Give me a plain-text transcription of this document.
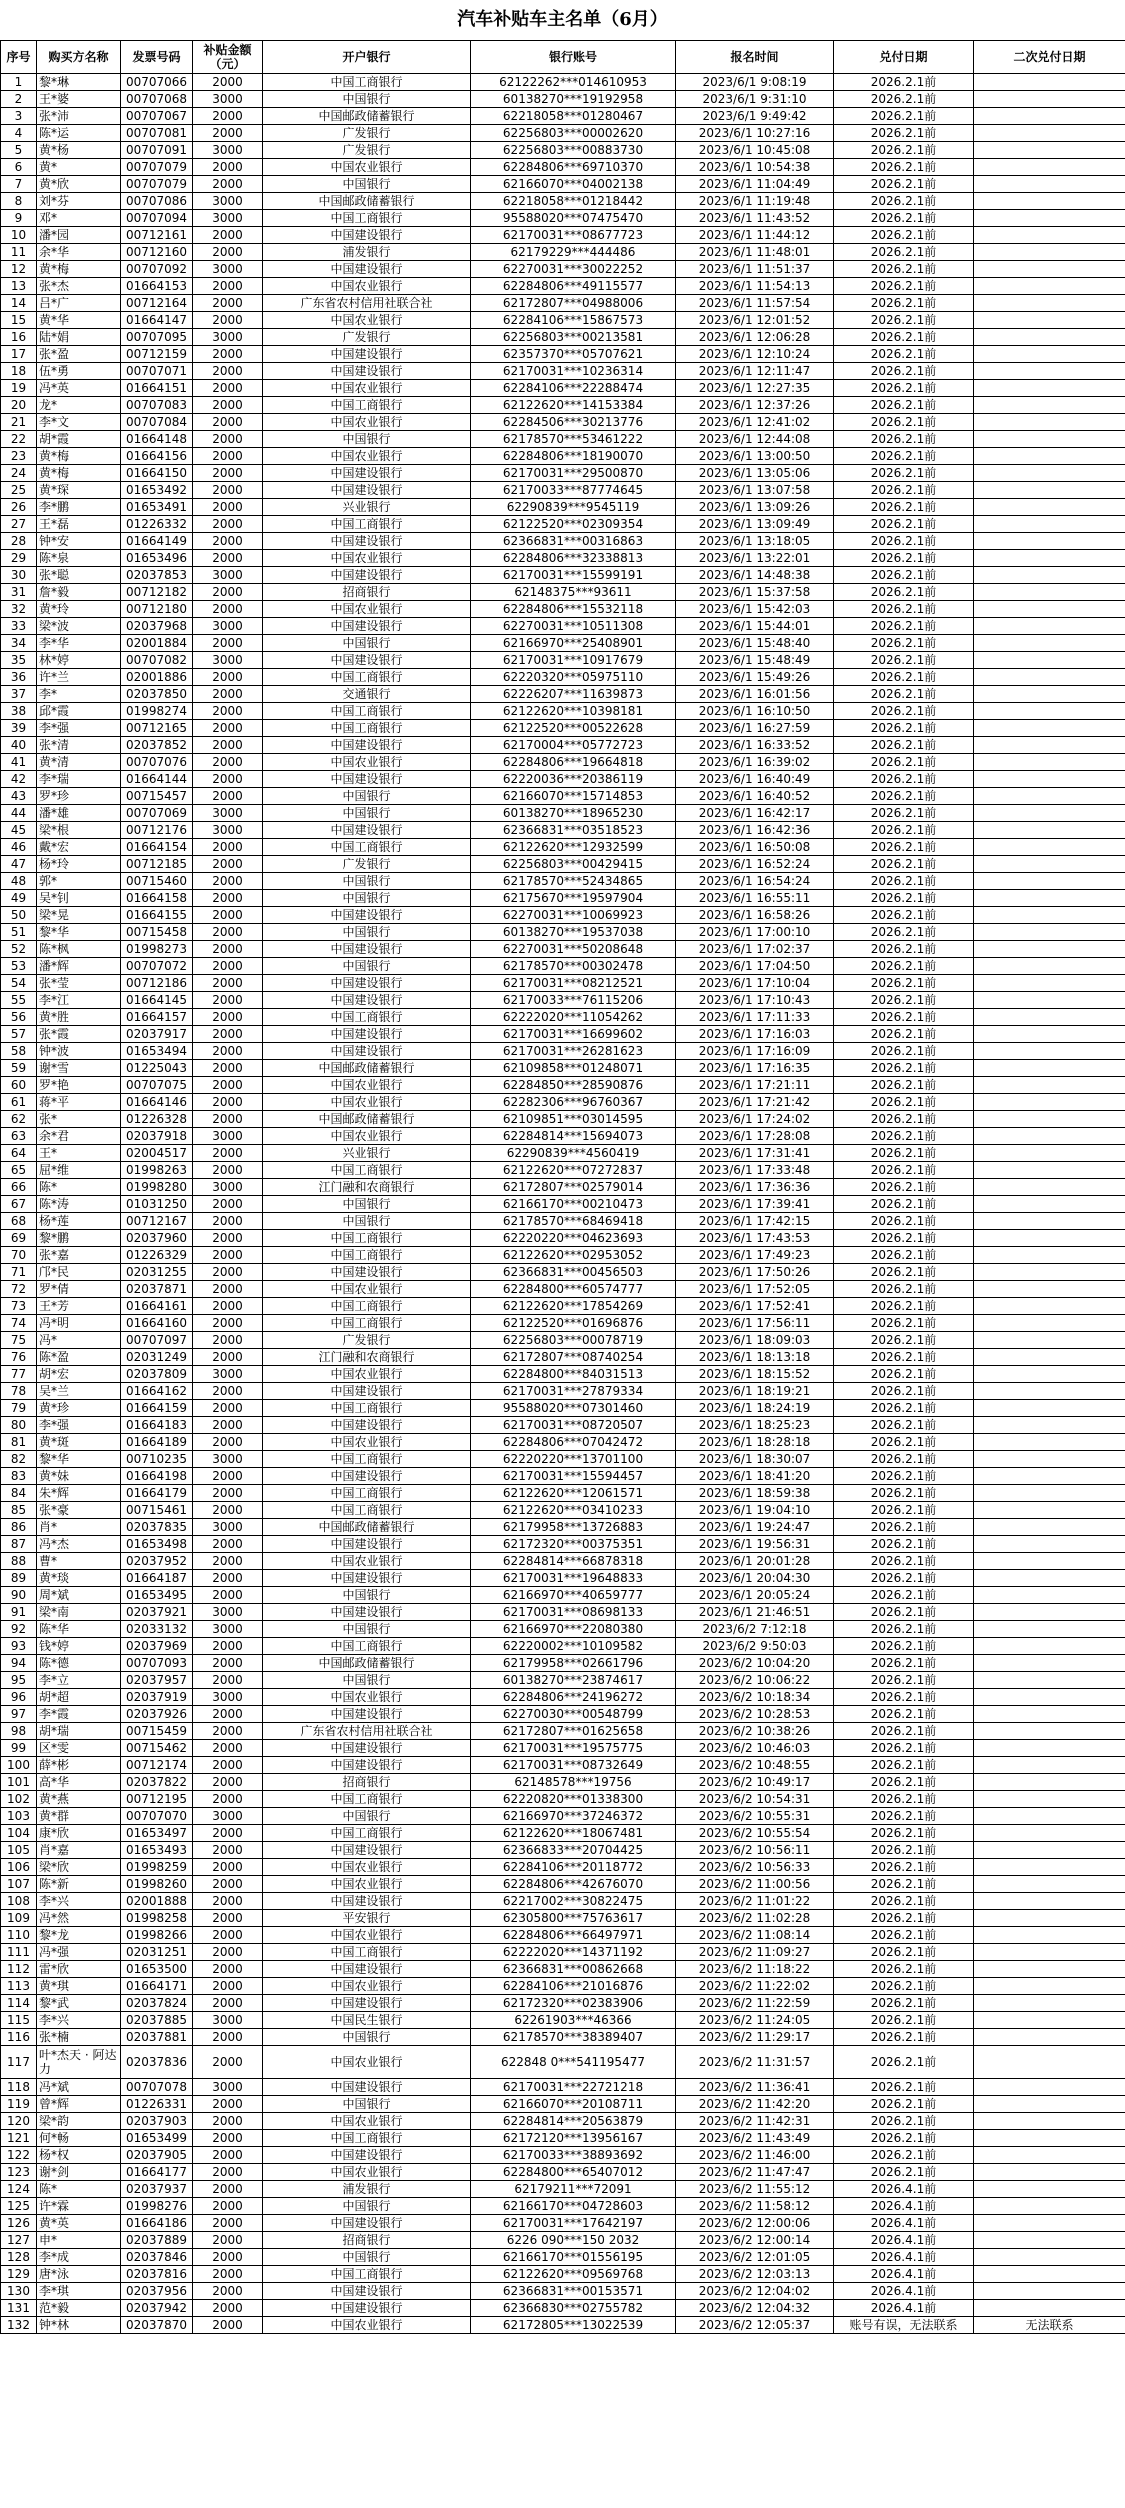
汽车补贴车主名单（6月）
序号	购买方名称	发票号码	补贴金额（元）	开户银行	银行账号	报名时间	兑付日期	二次兑付日期
1	黎*琳	00707066	2000	中国工商银行	62122262***014610953	2023/6/1 9:08:19	2026.2.1前	
2	王*婆	00707068	3000	中国银行	60138270***19192958	2023/6/1 9:31:10	2026.2.1前	
3	张*沛	00707067	2000	中国邮政储蓄银行	62218058***01280467	2023/6/1 9:49:42	2026.2.1前	
4	陈*运	00707081	2000	广发银行	62256803***00002620	2023/6/1 10:27:16	2026.2.1前	
5	黄*杨	00707091	3000	广发银行	62256803***00883730	2023/6/1 10:45:08	2026.2.1前	
6	黄*	00707079	2000	中国农业银行	62284806***69710370	2023/6/1 10:54:38	2026.2.1前	
7	黄*欣	00707079	2000	中国银行	62166070***04002138	2023/6/1 11:04:49	2026.2.1前	
8	刘*芬	00707086	3000	中国邮政储蓄银行	62218058***01218442	2023/6/1 11:19:48	2026.2.1前	
9	邓*	00707094	3000	中国工商银行	95588020***07475470	2023/6/1 11:43:52	2026.2.1前	
10	潘*园	00712161	2000	中国建设银行	62170031***08677723	2023/6/1 11:44:12	2026.2.1前	
11	余*华	00712160	2000	浦发银行	62179229***444486	2023/6/1 11:48:01	2026.2.1前	
12	黄*梅	00707092	3000	中国建设银行	62270031***30022252	2023/6/1 11:51:37	2026.2.1前	
13	张*杰	01664153	2000	中国农业银行	62284806***49115577	2023/6/1 11:54:13	2026.2.1前	
14	吕*广	00712164	2000	广东省农村信用社联合社	62172807***04988006	2023/6/1 11:57:54	2026.2.1前	
15	黄*华	01664147	2000	中国农业银行	62284106***15867573	2023/6/1 12:01:52	2026.2.1前	
16	陆*娟	00707095	3000	广发银行	62256803***00213581	2023/6/1 12:06:28	2026.2.1前	
17	张*盈	00712159	2000	中国建设银行	62357370***05707621	2023/6/1 12:10:24	2026.2.1前	
18	伍*勇	00707071	2000	中国建设银行	62170031***10236314	2023/6/1 12:11:47	2026.2.1前	
19	冯*英	01664151	2000	中国农业银行	62284106***22288474	2023/6/1 12:27:35	2026.2.1前	
20	龙*	00707083	2000	中国工商银行	62122620***14153384	2023/6/1 12:37:26	2026.2.1前	
21	李*文	00707084	2000	中国农业银行	62284506***30213776	2023/6/1 12:41:02	2026.2.1前	
22	胡*霞	01664148	2000	中国银行	62178570***53461222	2023/6/1 12:44:08	2026.2.1前	
23	黄*梅	01664156	2000	中国农业银行	62284806***18190070	2023/6/1 13:00:50	2026.2.1前	
24	黄*梅	01664150	2000	中国建设银行	62170031***29500870	2023/6/1 13:05:06	2026.2.1前	
25	黄*琛	01653492	2000	中国建设银行	62170033***87774645	2023/6/1 13:07:58	2026.2.1前	
26	李*鹏	01653491	2000	兴业银行	62290839***9545119	2023/6/1 13:09:26	2026.2.1前	
27	王*磊	01226332	2000	中国工商银行	62122520***02309354	2023/6/1 13:09:49	2026.2.1前	
28	钟*安	01664149	2000	中国建设银行	62366831***00316863	2023/6/1 13:18:05	2026.2.1前	
29	陈*泉	01653496	2000	中国农业银行	62284806***32338813	2023/6/1 13:22:01	2026.2.1前	
30	张*聪	02037853	3000	中国建设银行	62170031***15599191	2023/6/1 14:48:38	2026.2.1前	
31	詹*毅	00712182	2000	招商银行	62148375***93611	2023/6/1 15:37:58	2026.2.1前	
32	黄*玲	00712180	2000	中国农业银行	62284806***15532118	2023/6/1 15:42:03	2026.2.1前	
33	梁*波	02037968	3000	中国建设银行	62270031***10511308	2023/6/1 15:44:01	2026.2.1前	
34	李*华	02001884	2000	中国银行	62166970***25408901	2023/6/1 15:48:40	2026.2.1前	
35	林*婷	00707082	3000	中国建设银行	62170031***10917679	2023/6/1 15:48:49	2026.2.1前	
36	许*兰	02001886	2000	中国工商银行	62220320***05975110	2023/6/1 15:49:26	2026.2.1前	
37	李*	02037850	2000	交通银行	62226207***11639873	2023/6/1 16:01:56	2026.2.1前	
38	邱*霞	01998274	2000	中国工商银行	62122620***10398181	2023/6/1 16:10:50	2026.2.1前	
39	李*强	00712165	2000	中国工商银行	62122520***00522628	2023/6/1 16:27:59	2026.2.1前	
40	张*清	02037852	2000	中国建设银行	62170004***05772723	2023/6/1 16:33:52	2026.2.1前	
41	黄*清	00707076	2000	中国农业银行	62284806***19664818	2023/6/1 16:39:02	2026.2.1前	
42	李*瑞	01664144	2000	中国建设银行	62220036***20386119	2023/6/1 16:40:49	2026.2.1前	
43	罗*珍	00715457	2000	中国银行	62166070***15714853	2023/6/1 16:40:52	2026.2.1前	
44	潘*雄	00707069	3000	中国银行	60138270***18965230	2023/6/1 16:42:17	2026.2.1前	
45	梁*根	00712176	3000	中国建设银行	62366831***03518523	2023/6/1 16:42:36	2026.2.1前	
46	戴*宏	01664154	2000	中国工商银行	62122620***12932599	2023/6/1 16:50:08	2026.2.1前	
47	杨*玲	00712185	2000	广发银行	62256803***00429415	2023/6/1 16:52:24	2026.2.1前	
48	郭*	00715460	2000	中国银行	62178570***52434865	2023/6/1 16:54:24	2026.2.1前	
49	吴*钊	01664158	2000	中国银行	62175670***19597904	2023/6/1 16:55:11	2026.2.1前	
50	梁*晃	01664155	2000	中国建设银行	62270031***10069923	2023/6/1 16:58:26	2026.2.1前	
51	黎*华	00715458	2000	中国银行	60138270***19537038	2023/6/1 17:00:10	2026.2.1前	
52	陈*枫	01998273	2000	中国建设银行	62270031***50208648	2023/6/1 17:02:37	2026.2.1前	
53	潘*辉	00707072	2000	中国银行	62178570***00302478	2023/6/1 17:04:50	2026.2.1前	
54	张*莹	00712186	2000	中国建设银行	62170031***08212521	2023/6/1 17:10:04	2026.2.1前	
55	李*江	01664145	2000	中国建设银行	62170033***76115206	2023/6/1 17:10:43	2026.2.1前	
56	黄*胜	01664157	2000	中国工商银行	62222020***11054262	2023/6/1 17:11:33	2026.2.1前	
57	张*霞	02037917	2000	中国建设银行	62170031***16699602	2023/6/1 17:16:03	2026.2.1前	
58	钟*波	01653494	2000	中国建设银行	62170031***26281623	2023/6/1 17:16:09	2026.2.1前	
59	谢*雪	01225043	2000	中国邮政储蓄银行	62109858***01248071	2023/6/1 17:16:35	2026.2.1前	
60	罗*艳	00707075	2000	中国农业银行	62284850***28590876	2023/6/1 17:21:11	2026.2.1前	
61	蒋*平	01664146	2000	中国农业银行	62282306***96760367	2023/6/1 17:21:42	2026.2.1前	
62	张*	01226328	2000	中国邮政储蓄银行	62109851***03014595	2023/6/1 17:24:02	2026.2.1前	
63	余*君	02037918	3000	中国农业银行	62284814***15694073	2023/6/1 17:28:08	2026.2.1前	
64	王*	02004517	2000	兴业银行	62290839***4560419	2023/6/1 17:31:41	2026.2.1前	
65	屈*维	01998263	2000	中国工商银行	62122620***07272837	2023/6/1 17:33:48	2026.2.1前	
66	陈*	01998280	3000	江门融和农商银行	62172807***02579014	2023/6/1 17:36:36	2026.2.1前	
67	陈*涛	01031250	2000	中国银行	62166170***00210473	2023/6/1 17:39:41	2026.2.1前	
68	杨*莲	00712167	2000	中国银行	62178570***68469418	2023/6/1 17:42:15	2026.2.1前	
69	黎*鹏	02037960	2000	中国工商银行	62220220***04623693	2023/6/1 17:43:53	2026.2.1前	
70	张*嘉	01226329	2000	中国工商银行	62122620***02953052	2023/6/1 17:49:23	2026.2.1前	
71	邝*民	02031255	2000	中国建设银行	62366831***00456503	2023/6/1 17:50:26	2026.2.1前	
72	罗*倩	02037871	2000	中国农业银行	62284800***60574777	2023/6/1 17:52:05	2026.2.1前	
73	王*芳	01664161	2000	中国工商银行	62122620***17854269	2023/6/1 17:52:41	2026.2.1前	
74	冯*明	01664160	2000	中国工商银行	62122520***01696876	2023/6/1 17:56:11	2026.2.1前	
75	冯*	00707097	2000	广发银行	62256803***00078719	2023/6/1 18:09:03	2026.2.1前	
76	陈*盈	02031249	2000	江门融和农商银行	62172807***08740254	2023/6/1 18:13:18	2026.2.1前	
77	胡*宏	02037809	3000	中国农业银行	62284800***84031513	2023/6/1 18:15:52	2026.2.1前	
78	吴*兰	01664162	2000	中国建设银行	62170031***27879334	2023/6/1 18:19:21	2026.2.1前	
79	黄*珍	01664159	2000	中国工商银行	95588020***07301460	2023/6/1 18:24:19	2026.2.1前	
80	李*强	01664183	2000	中国建设银行	62170031***08720507	2023/6/1 18:25:23	2026.2.1前	
81	黄*斑	01664189	2000	中国农业银行	62284806***07042472	2023/6/1 18:28:18	2026.2.1前	
82	黎*华	00710235	3000	中国工商银行	62220220***13701100	2023/6/1 18:30:07	2026.2.1前	
83	黄*妹	01664198	2000	中国建设银行	62170031***15594457	2023/6/1 18:41:20	2026.2.1前	
84	朱*辉	01664179	2000	中国工商银行	62122620***12061571	2023/6/1 18:59:38	2026.2.1前	
85	张*豪	00715461	2000	中国工商银行	62122620***03410233	2023/6/1 19:04:10	2026.2.1前	
86	肖*	02037835	3000	中国邮政储蓄银行	62179958***13726883	2023/6/1 19:24:47	2026.2.1前	
87	冯*杰	01653498	2000	中国建设银行	62172320***00375351	2023/6/1 19:56:31	2026.2.1前	
88	曹*	02037952	2000	中国农业银行	62284814***66878318	2023/6/1 20:01:28	2026.2.1前	
89	黄*琰	01664187	2000	中国建设银行	62170031***19648833	2023/6/1 20:04:30	2026.2.1前	
90	周*斌	01653495	2000	中国银行	62166970***40659777	2023/6/1 20:05:24	2026.2.1前	
91	梁*南	02037921	3000	中国建设银行	62170031***08698133	2023/6/1 21:46:51	2026.2.1前	
92	陈*华	02033132	3000	中国银行	62166970***22080380	2023/6/2 7:12:18	2026.2.1前	
93	钱*婷	02037969	2000	中国工商银行	62220002***10109582	2023/6/2 9:50:03	2026.2.1前	
94	陈*德	00707093	2000	中国邮政储蓄银行	62179958***02661796	2023/6/2 10:04:20	2026.2.1前	
95	李*立	02037957	2000	中国银行	60138270***23874617	2023/6/2 10:06:22	2026.2.1前	
96	胡*超	02037919	3000	中国农业银行	62284806***24196272	2023/6/2 10:18:34	2026.2.1前	
97	李*霞	02037926	2000	中国建设银行	62270030***00548799	2023/6/2 10:28:53	2026.2.1前	
98	胡*瑞	00715459	2000	广东省农村信用社联合社	62172807***01625658	2023/6/2 10:38:26	2026.2.1前	
99	区*雯	00715462	2000	中国建设银行	62170031***19575775	2023/6/2 10:46:03	2026.2.1前	
100	薛*彬	00712174	2000	中国建设银行	62170031***08732649	2023/6/2 10:48:55	2026.2.1前	
101	高*华	02037822	2000	招商银行	62148578***19756	2023/6/2 10:49:17	2026.2.1前	
102	黄*燕	00712195	2000	中国工商银行	62220820***01338300	2023/6/2 10:54:31	2026.2.1前	
103	黄*群	00707070	3000	中国银行	62166970***37246372	2023/6/2 10:55:31	2026.2.1前	
104	康*欣	01653497	2000	中国工商银行	62122620***18067481	2023/6/2 10:55:54	2026.2.1前	
105	肖*嘉	01653493	2000	中国建设银行	62366833***20704425	2023/6/2 10:56:11	2026.2.1前	
106	梁*欣	01998259	2000	中国农业银行	62284106***20118772	2023/6/2 10:56:33	2026.2.1前	
107	陈*新	01998260	2000	中国农业银行	62284806***42676070	2023/6/2 11:00:56	2026.2.1前	
108	李*兴	02001888	2000	中国建设银行	62217002***30822475	2023/6/2 11:01:22	2026.2.1前	
109	冯*然	01998258	2000	平安银行	62305800***75763617	2023/6/2 11:02:28	2026.2.1前	
110	黎*龙	01998266	2000	中国农业银行	62284806***66497971	2023/6/2 11:08:14	2026.2.1前	
111	冯*强	02031251	2000	中国工商银行	62222020***14371192	2023/6/2 11:09:27	2026.2.1前	
112	雷*欣	01653500	2000	中国建设银行	62366831***00862668	2023/6/2 11:18:22	2026.2.1前	
113	黄*琪	01664171	2000	中国农业银行	62284106***21016876	2023/6/2 11:22:02	2026.2.1前	
114	黎*武	02037824	2000	中国建设银行	62172320***02383906	2023/6/2 11:22:59	2026.2.1前	
115	李*兴	02037885	3000	中国民生银行	62261903***46366	2023/6/2 11:24:05	2026.2.1前	
116	张*楠	02037881	2000	中国银行	62178570***38389407	2023/6/2 11:29:17	2026.2.1前	
117	叶*杰天 · 阿达力	02037836	2000	中国农业银行	622848 0***541195477	2023/6/2 11:31:57	2026.2.1前	
118	冯*斌	00707078	3000	中国建设银行	62170031***22721218	2023/6/2 11:36:41	2026.2.1前	
119	曾*辉	01226331	2000	中国银行	62166070***20108711	2023/6/2 11:42:20	2026.2.1前	
120	梁*韵	02037903	2000	中国农业银行	62284814***20563879	2023/6/2 11:42:31	2026.2.1前	
121	何*畅	01653499	2000	中国工商银行	62172120***13956167	2023/6/2 11:43:49	2026.2.1前	
122	杨*权	02037905	2000	中国建设银行	62170033***38893692	2023/6/2 11:46:00	2026.2.1前	
123	谢*剑	01664177	2000	中国农业银行	62284800***65407012	2023/6/2 11:47:47	2026.2.1前	
124	陈*	02037937	2000	浦发银行	62179211***72091	2023/6/2 11:55:12	2026.4.1前	
125	许*霖	01998276	2000	中国银行	62166170***04728603	2023/6/2 11:58:12	2026.4.1前	
126	黄*英	01664186	2000	中国建设银行	62170031***17642197	2023/6/2 12:00:06	2026.4.1前	
127	申*	02037889	2000	招商银行	6226 090***150 2032	2023/6/2 12:00:14	2026.4.1前	
128	李*成	02037846	2000	中国银行	62166170***01556195	2023/6/2 12:01:05	2026.4.1前	
129	唐*泳	02037816	2000	中国工商银行	62122620***09569768	2023/6/2 12:03:13	2026.4.1前	
130	李*琪	02037956	2000	中国建设银行	62366831***00153571	2023/6/2 12:04:02	2026.4.1前	
131	范*毅	02037942	2000	中国建设银行	62366830***02755782	2023/6/2 12:04:32	2026.4.1前	
132	钟*林	02037870	2000	中国农业银行	62172805***13022539	2023/6/2 12:05:37	账号有误，无法联系	无法联系
